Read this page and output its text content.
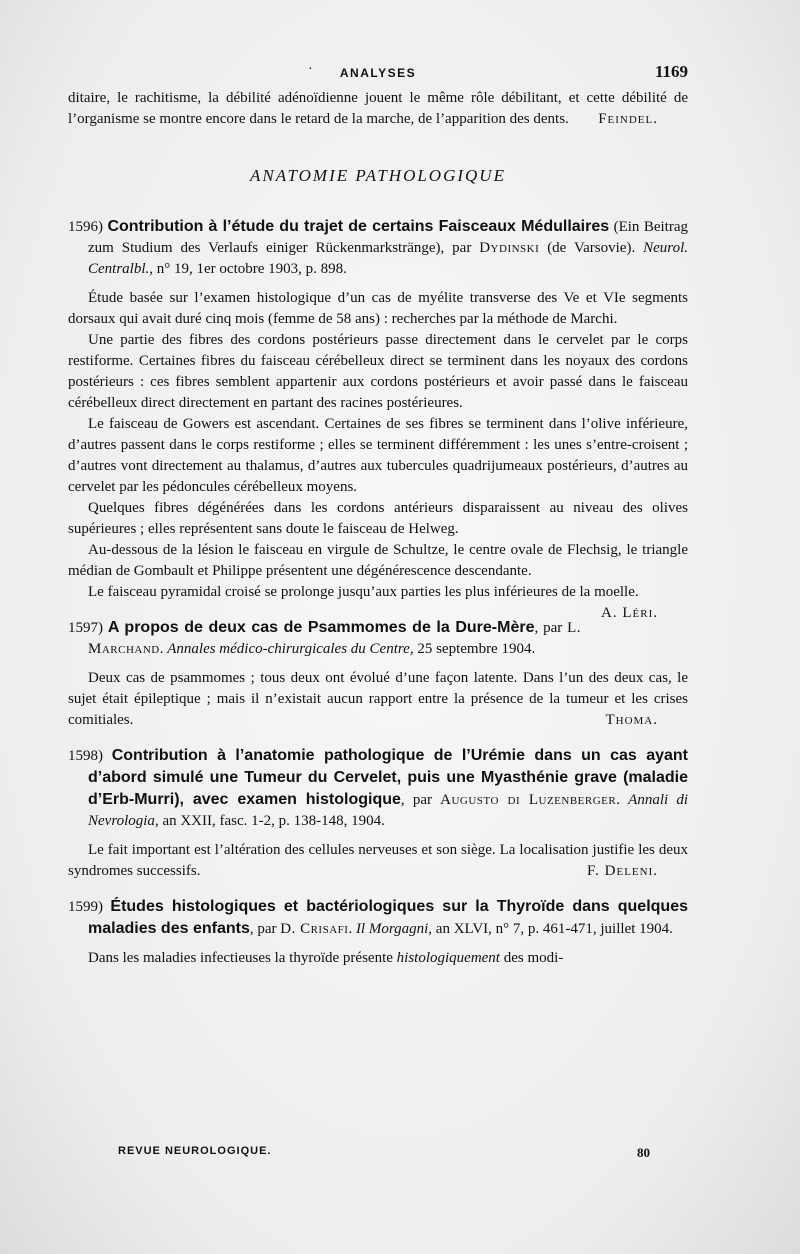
·	ANALYSES	1169

ditaire, le rachitisme, la débilité adénoïdienne jouent le même rôle débilitant, et cette débilité de l’organisme se montre encore dans le retard de la marche, de l’apparition des dents. Feindel.

ANATOMIE PATHOLOGIQUE

1596) Contribution à l’étude du trajet de certains Faisceaux Médullaires (Ein Beitrag zum Studium des Verlaufs einiger Rückenmarkstränge), par Dydinski (de Varsovie). Neurol. Centralbl., n° 19, 1er octobre 1903, p. 898.

Étude basée sur l’examen histologique d’un cas de myélite transverse des Ve et VIe segments dorsaux qui avait duré cinq mois (femme de 58 ans) : recherches par la méthode de Marchi.

Une partie des fibres des cordons postérieurs passe directement dans le cervelet par le corps restiforme. Certaines fibres du faisceau cérébelleux direct se terminent dans les noyaux des cordons postérieurs : ces fibres semblent appartenir aux cordons postérieurs et avoir passé dans le faisceau cérébelleux direct directement en partant des racines postérieures.

Le faisceau de Gowers est ascendant. Certaines de ses fibres se terminent dans l’olive inférieure, d’autres passent dans le corps restiforme ; elles se terminent différemment : les unes s’entre-croisent ; d’autres vont directement au thalamus, d’autres aux tubercules quadrijumeaux postérieurs, d’autres au cervelet par les pédoncules cérébelleux moyens.

Quelques fibres dégénérées dans les cordons antérieurs disparaissent au niveau des olives supérieures ; elles représentent sans doute le faisceau de Helweg.

Au-dessous de la lésion le faisceau en virgule de Schultze, le centre ovale de Flechsig, le triangle médian de Gombault et Philippe présentent une dégénérescence descendante.

Le faisceau pyramidal croisé se prolonge jusqu’aux parties les plus inférieures de la moelle.
A. Léri.

1597) A propos de deux cas de Psammomes de la Dure-Mère, par L. Marchand. Annales médico-chirurgicales du Centre, 25 septembre 1904.

Deux cas de psammomes ; tous deux ont évolué d’une façon latente. Dans l’un des deux cas, le sujet était épileptique ; mais il n’existait aucun rapport entre la présence de la tumeur et les crises comitiales.	Thoma.

1598) Contribution à l’anatomie pathologique de l’Urémie dans un cas ayant d’abord simulé une Tumeur du Cervelet, puis une Myasthénie grave (maladie d’Erb-Murri), avec examen histologique, par Augusto di Luzenberger. Annali di Nevrologia, an XXII, fasc. 1-2, p. 138-148, 1904.

Le fait important est l’altération des cellules nerveuses et son siège. La localisation justifie les deux syndromes successifs.	F. Deleni.

1599) Études histologiques et bactériologiques sur la Thyroïde dans quelques maladies des enfants, par D. Crisafi. Il Morgagni, an XLVI, n° 7, p. 461-471, juillet 1904.

Dans les maladies infectieuses la thyroïde présente histologiquement des modi-

REVUE NEUROLOGIQUE.	80
